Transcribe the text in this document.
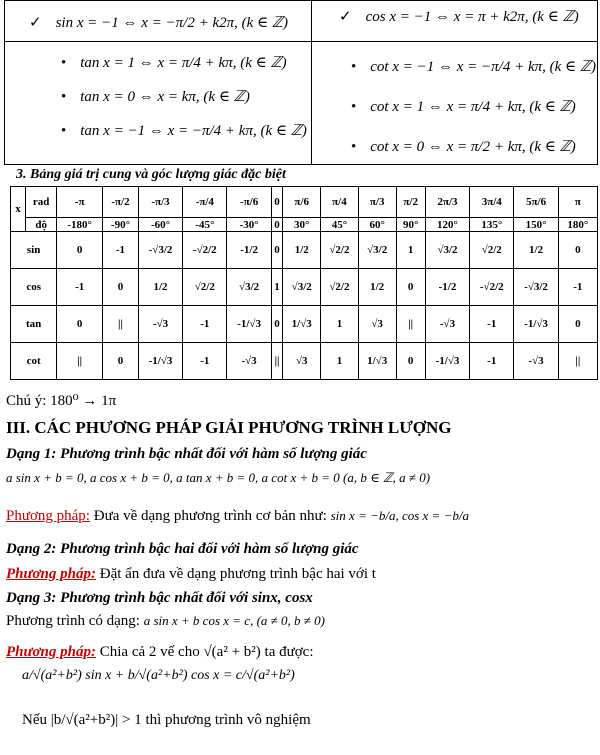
✓ sin x = −1 ⇔ x = −π/2 + k2π, (k ∈ ℤ)	✓ cos x = −1 ⇔ x = π + k2π, (k ∈ ℤ)
• tan x = 1 ⇔ x = π/4 + kπ, (k ∈ ℤ)
• tan x = 0 ⇔ x = kπ, (k ∈ ℤ)
• tan x = −1 ⇔ x = −π/4 + kπ, (k ∈ ℤ)
• cot x = −1 ⇔ x = −π/4 + kπ, (k ∈ ℤ)
• cot x = 1 ⇔ x = π/4 + kπ, (k ∈ ℤ)
• cot x = 0 ⇔ x = π/2 + kπ, (k ∈ ℤ)
3. Bảng giá trị cung và góc lượng giác đặc biệt
x	rad	-π	-π/2	-π/3	-π/4	-π/6	0	π/6	π/4	π/3	π/2	2π/3	3π/4	5π/6	π
	độ	-180°	-90°	-60°	-45°	-30°	0	30°	45°	60°	90°	120°	135°	150°	180°
sin		0	-1	-√3/2	-√2/2	-1/2	0	1/2	√2/2	√3/2	1	√3/2	√2/2	1/2	0
cos		-1	0	1/2	√2/2	√3/2	1	√3/2	√2/2	1/2	0	-1/2	-√2/2	-√3/2	-1
tan		0	||	-√3	-1	-1/√3	0	1/√3	1	√3	||	-√3	-1	-1/√3	0
cot		||	0	-1/√3	-1	-√3	||	√3	1	1/√3	0	-1/√3	-1	-√3	||
Chú ý: 180⁰ → 1π
III. CÁC PHƯƠNG PHÁP GIẢI PHƯƠNG TRÌNH LƯỢNG
Dạng 1: Phương trình bậc nhất đối với hàm số lượng giác
a sin x + b = 0, a cos x + b = 0, a tan x + b = 0, a cot x + b = 0 (a, b ∈ ℤ, a ≠ 0)
Phương pháp: Đưa về dạng phương trình cơ bản như: sin x = −b/a, cos x = −b/a
Dạng 2: Phương trình bậc hai đối với hàm số lượng giác
Phương pháp: Đặt ẩn đưa về dạng phương trình bậc hai với t
Dạng 3: Phương trình bậc nhất đối với sinx, cosx
Phương trình có dạng: a sin x + b cos x = c, (a ≠ 0, b ≠ 0)
Phương pháp: Chia cả 2 vế cho √(a² + b²) ta được:
a/√(a²+b²) sin x + b/√(a²+b²) cos x = c/√(a²+b²)
Nếu |b/√(a²+b²)| > 1 thì phương trình vô nghiệm
